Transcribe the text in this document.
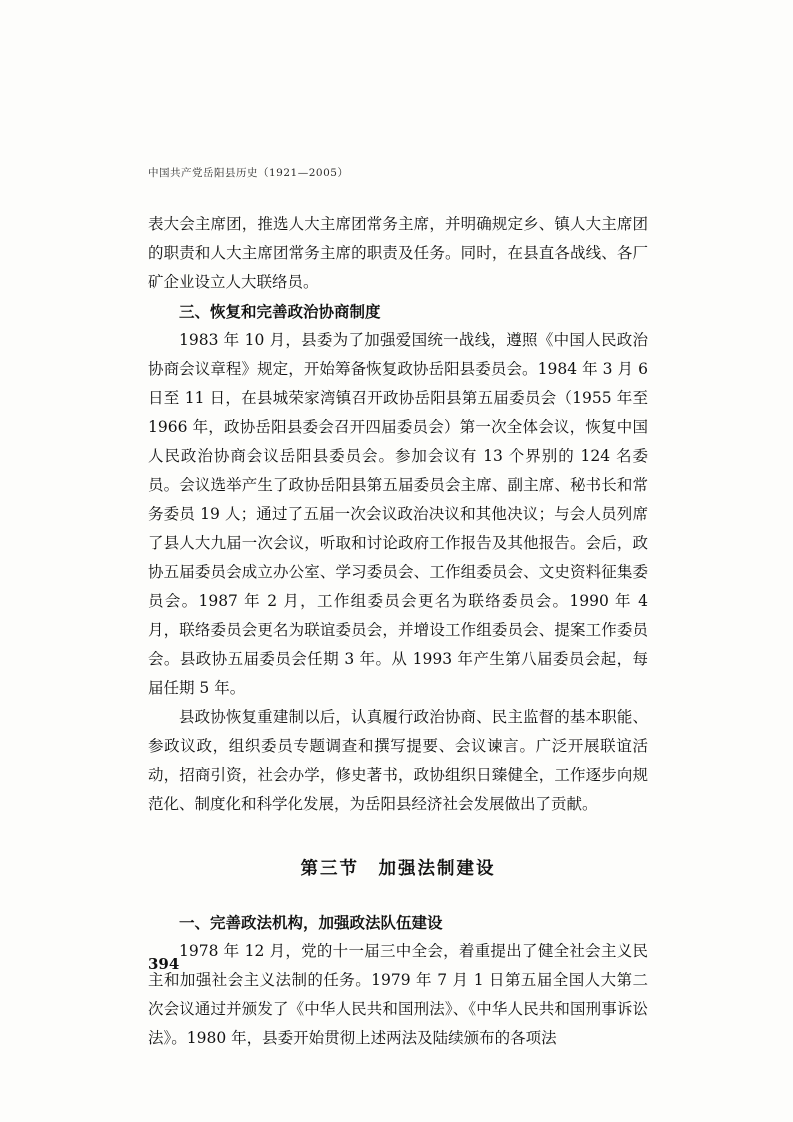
中国共产党岳阳县历史（1921—2005）

表大会主席团，推选人大主席团常务主席，并明确规定乡、镇人大主席团的职责和人大主席团常务主席的职责及任务。同时，在县直各战线、各厂矿企业设立人大联络员。

三、恢复和完善政治协商制度

1983 年 10 月，县委为了加强爱国统一战线，遵照《中国人民政治协商会议章程》规定，开始筹备恢复政协岳阳县委员会。1984 年 3 月 6 日至 11 日，在县城荣家湾镇召开政协岳阳县第五届委员会（1955 年至 1966 年，政协岳阳县委会召开四届委员会）第一次全体会议，恢复中国人民政治协商会议岳阳县委员会。参加会议有 13 个界别的 124 名委员。会议选举产生了政协岳阳县第五届委员会主席、副主席、秘书长和常务委员 19 人；通过了五届一次会议政治决议和其他决议；与会人员列席了县人大九届一次会议，听取和讨论政府工作报告及其他报告。会后，政协五届委员会成立办公室、学习委员会、工作组委员会、文史资料征集委员会。1987 年 2 月，工作组委员会更名为联络委员会。1990 年 4 月，联络委员会更名为联谊委员会，并增设工作组委员会、提案工作委员会。县政协五届委员会任期 3 年。从 1993 年产生第八届委员会起，每届任期 5 年。

县政协恢复重建制以后，认真履行政治协商、民主监督的基本职能、参政议政，组织委员专题调查和撰写提要、会议谏言。广泛开展联谊活动，招商引资，社会办学，修史著书，政协组织日臻健全，工作逐步向规范化、制度化和科学化发展，为岳阳县经济社会发展做出了贡献。

第三节　加强法制建设

一、完善政法机构，加强政法队伍建设

1978 年 12 月，党的十一届三中全会，着重提出了健全社会主义民主和加强社会主义法制的任务。1979 年 7 月 1 日第五届全国人大第二次会议通过并颁发了《中华人民共和国刑法》、《中华人民共和国刑事诉讼法》。1980 年，县委开始贯彻上述两法及陆续颁布的各项法

394
